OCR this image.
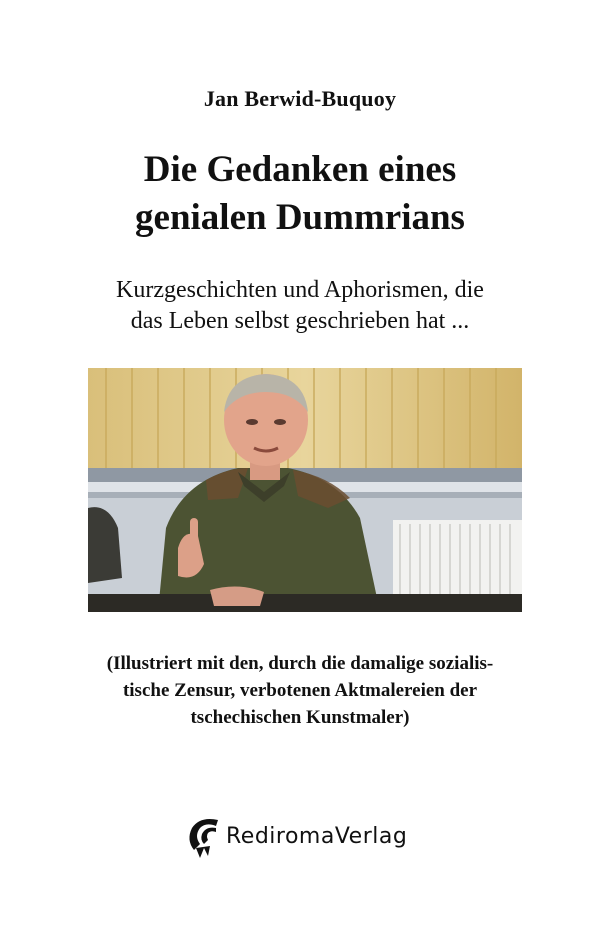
Jan Berwid-Buquoy
Die Gedanken eines
genialen Dummrians
Kurzgeschichten und Aphorismen, die
das Leben selbst geschrieben hat ...
(Illustriert mit den, durch die damalige sozialis-
tische Zensur, verbotenen Aktmalereien der
tschechischen Kunstmaler)
RediromaVerlag
